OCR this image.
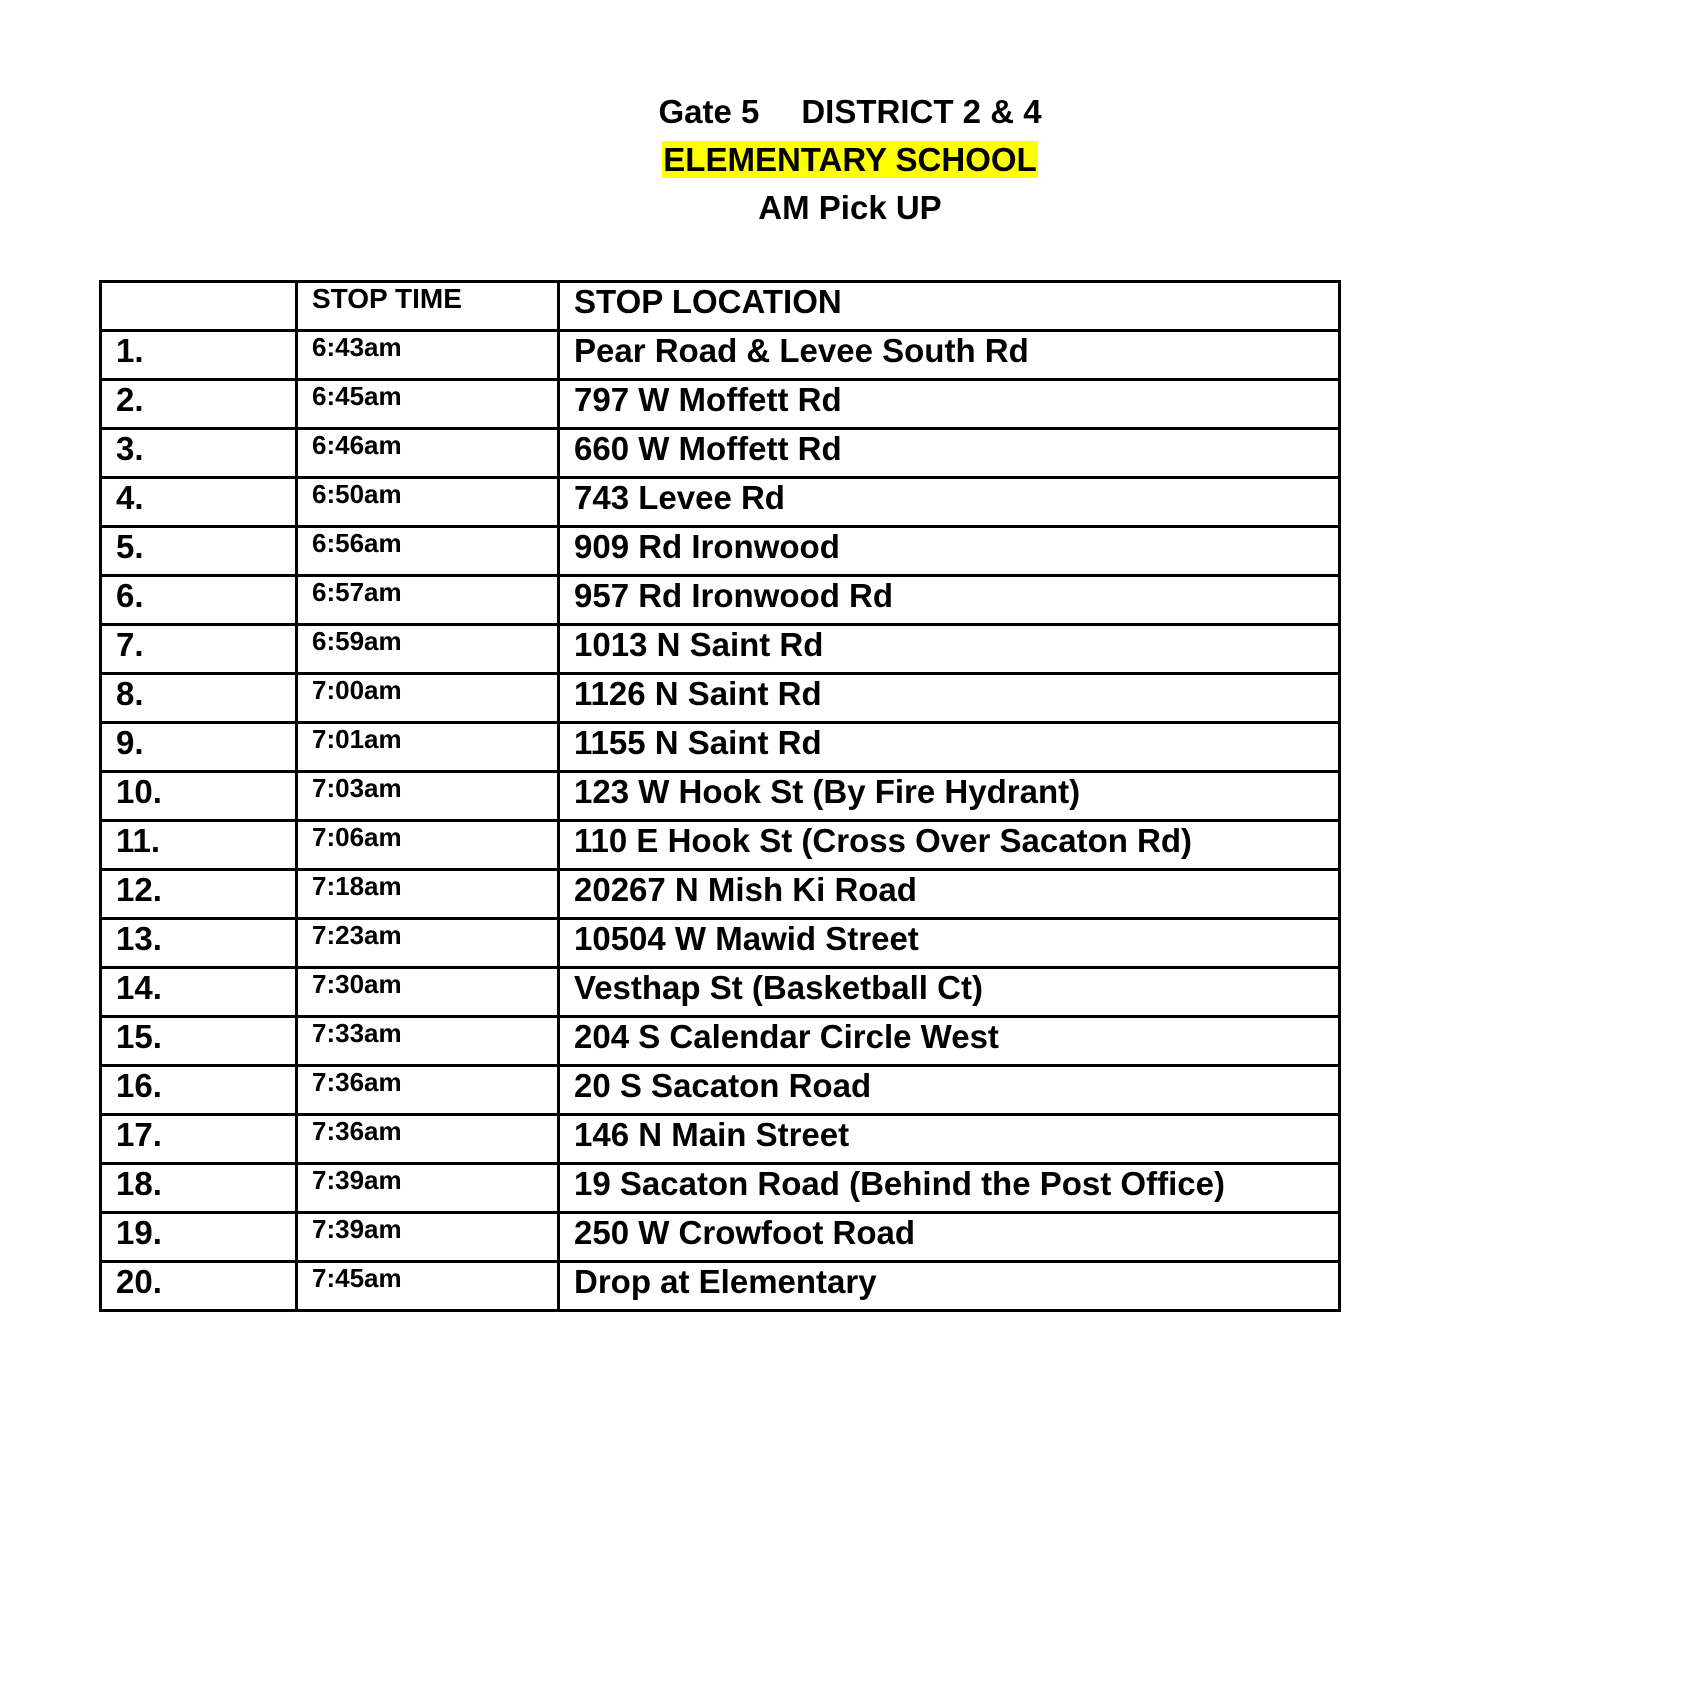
Gate 5 DISTRICT 2 & 4
ELEMENTARY SCHOOL
AM Pick UP
	STOP TIME	STOP LOCATION
1.	6:43am	Pear Road & Levee South Rd
2.	6:45am	797 W Moffett Rd
3.	6:46am	660 W Moffett Rd
4.	6:50am	743 Levee Rd
5.	6:56am	909 Rd Ironwood
6.	6:57am	957 Rd Ironwood Rd
7.	6:59am	1013 N Saint Rd
8.	7:00am	1126 N Saint Rd
9.	7:01am	1155 N Saint Rd
10.	7:03am	123 W Hook St (By Fire Hydrant)
11.	7:06am	110 E Hook St (Cross Over Sacaton Rd)
12.	7:18am	20267 N Mish Ki Road
13.	7:23am	10504 W Mawid Street
14.	7:30am	Vesthap St (Basketball Ct)
15.	7:33am	204 S Calendar Circle West
16.	7:36am	20 S Sacaton Road
17.	7:36am	146 N Main Street
18.	7:39am	19 Sacaton Road (Behind the Post Office)
19.	7:39am	250 W Crowfoot Road
20.	7:45am	Drop at Elementary
